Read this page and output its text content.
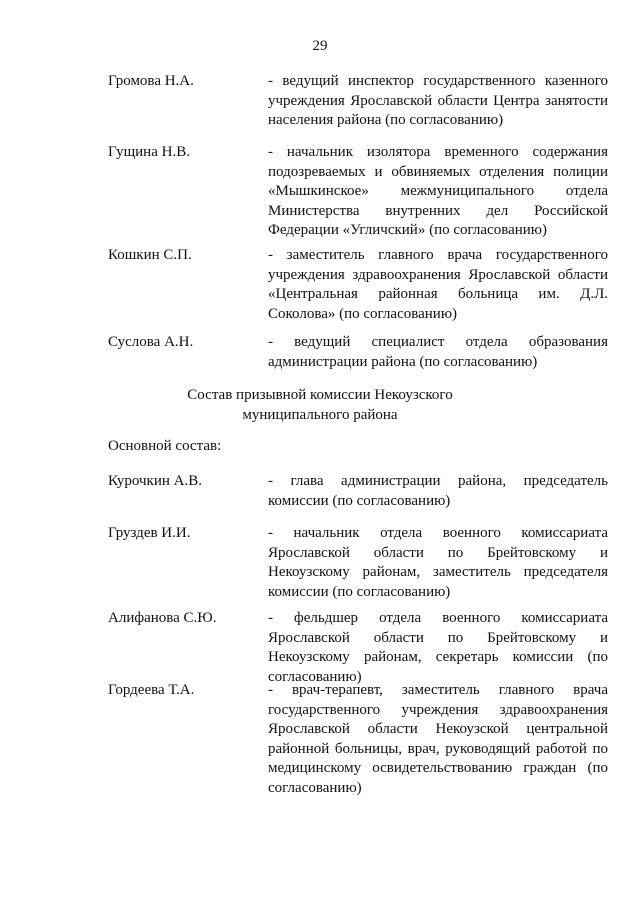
29
Громова Н.А.	- ведущий инспектор государственного казенного учреждения Ярославской области Центра занятости населения района (по согласованию)
Гущина Н.В.	- начальник изолятора временного содержания подозреваемых и обвиняемых отделения полиции «Мышкинское» межмуниципального отдела Министерства внутренних дел Российской Федерации «Угличский» (по согласованию)
Кошкин С.П.	- заместитель главного врача государственного учреждения здравоохранения Ярославской области «Центральная районная больница им. Д.Л. Соколова» (по согласованию)
Суслова А.Н.	- ведущий специалист отдела образования администрации района (по согласованию)
Состав призывной комиссии Некоузского
муниципального района
Основной состав:
Курочкин А.В.	- глава администрации района, председатель комиссии (по согласованию)
Груздев И.И.	- начальник отдела военного комиссариата Ярославской области по Брейтовскому и Некоузскому районам, заместитель председателя комиссии (по согласованию)
Алифанова С.Ю.	- фельдшер отдела военного комиссариата Ярославской области по Брейтовскому и Некоузскому районам, секретарь комиссии (по согласованию)
Гордеева Т.А.	- врач-терапевт, заместитель главного врача государственного учреждения здравоохранения Ярославской области Некоузской центральной районной больницы, врач, руководящий работой по медицинскому освидетельствованию граждан (по согласованию)
